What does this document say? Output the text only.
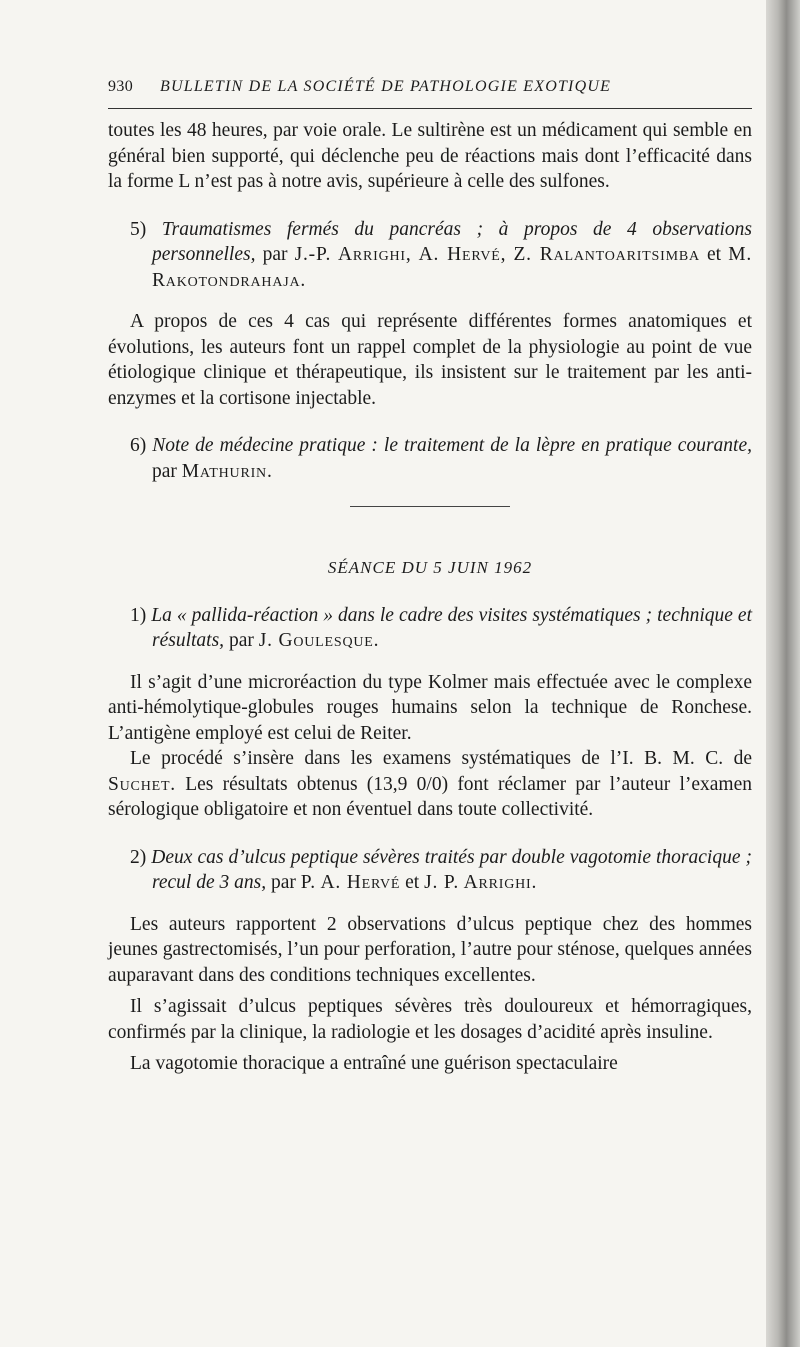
930 BULLETIN DE LA SOCIÉTÉ DE PATHOLOGIE EXOTIQUE

toutes les 48 heures, par voie orale. Le sultirène est un médicament qui semble en général bien supporté, qui déclenche peu de réactions mais dont l’efficacité dans la forme L n’est pas à notre avis, supérieure à celle des sulfones.

5) Traumatismes fermés du pancréas ; à propos de 4 observations personnelles, par J.-P. Arrighi, A. Hervé, Z. Ralantoaritsimba et M. Rakotondrahaja.

A propos de ces 4 cas qui représente différentes formes anatomiques et évolutions, les auteurs font un rappel complet de la physiologie au point de vue étiologique clinique et thérapeutique, ils insistent sur le traitement par les anti-enzymes et la cortisone injectable.

6) Note de médecine pratique : le traitement de la lèpre en pratique courante, par Mathurin.

SÉANCE DU 5 JUIN 1962

1) La « pallida-réaction » dans le cadre des visites systématiques ; technique et résultats, par J. Goulesque.

Il s’agit d’une microréaction du type Kolmer mais effectuée avec le complexe anti-hémolytique-globules rouges humains selon la technique de Ronchese. L’antigène employé est celui de Reiter.

Le procédé s’insère dans les examens systématiques de l’I. B. M. C. de Suchet. Les résultats obtenus (13,9 0/0) font réclamer par l’auteur l’examen sérologique obligatoire et non éventuel dans toute collectivité.

2) Deux cas d’ulcus peptique sévères traités par double vagotomie thoracique ; recul de 3 ans, par P. A. Hervé et J. P. Arrighi.

Les auteurs rapportent 2 observations d’ulcus peptique chez des hommes jeunes gastrectomisés, l’un pour perforation, l’autre pour sténose, quelques années auparavant dans des conditions techniques excellentes.

Il s’agissait d’ulcus peptiques sévères très douloureux et hémorragiques, confirmés par la clinique, la radiologie et les dosages d’acidité après insuline.

La vagotomie thoracique a entraîné une guérison spectaculaire
